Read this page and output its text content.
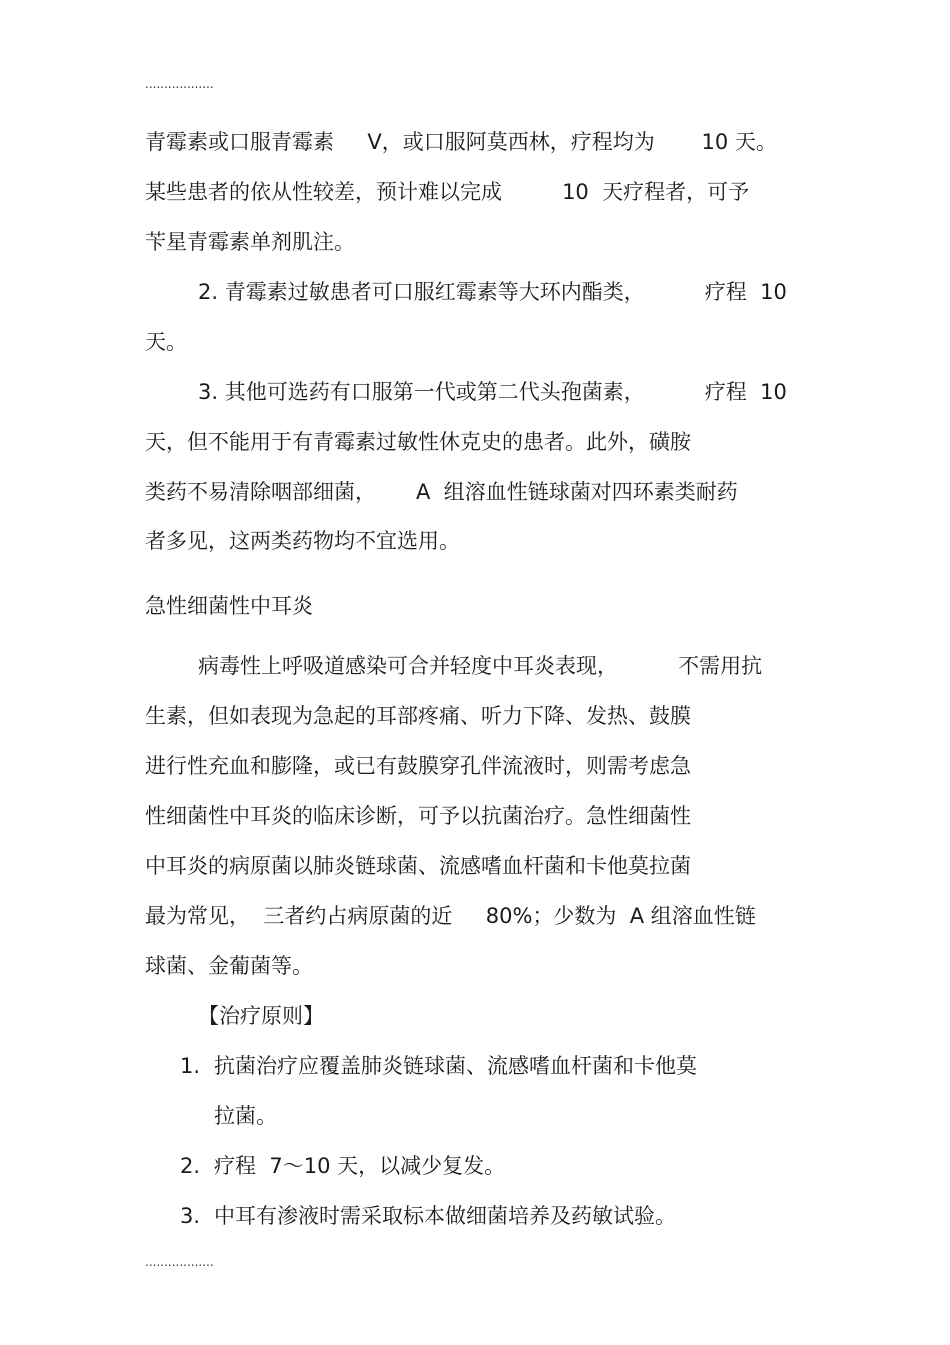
..................
青霉素或口服青霉素     V，或口服阿莫西林，疗程均为       10 天。
某些患者的依从性较差，预计难以完成         10  天疗程者，可予
苄星青霉素单剂肌注。
2. 青霉素过敏患者可口服红霉素等大环内酯类，         疗程  10
天。
3. 其他可选药有口服第一代或第二代头孢菌素，         疗程  10
天，但不能用于有青霉素过敏性休克史的患者。此外，磺胺
类药不易清除咽部细菌，      A  组溶血性链球菌对四环素类耐药
者多见，这两类药物均不宜选用。
急性细菌性中耳炎
病毒性上呼吸道感染可合并轻度中耳炎表现，         不需用抗
生素，但如表现为急起的耳部疼痛、听力下降、发热、鼓膜
进行性充血和膨隆，或已有鼓膜穿孔伴流液时，则需考虑急
性细菌性中耳炎的临床诊断，可予以抗菌治疗。急性细菌性
中耳炎的病原菌以肺炎链球菌、流感嗜血杆菌和卡他莫拉菌
最为常见，  三者约占病原菌的近     80%；少数为  A 组溶血性链
球菌、金葡菌等。
【治疗原则】
1. 抗菌治疗应覆盖肺炎链球菌、流感嗜血杆菌和卡他莫
拉菌。
2. 疗程  7～10 天，以减少复发。
3. 中耳有渗液时需采取标本做细菌培养及药敏试验。
..................
